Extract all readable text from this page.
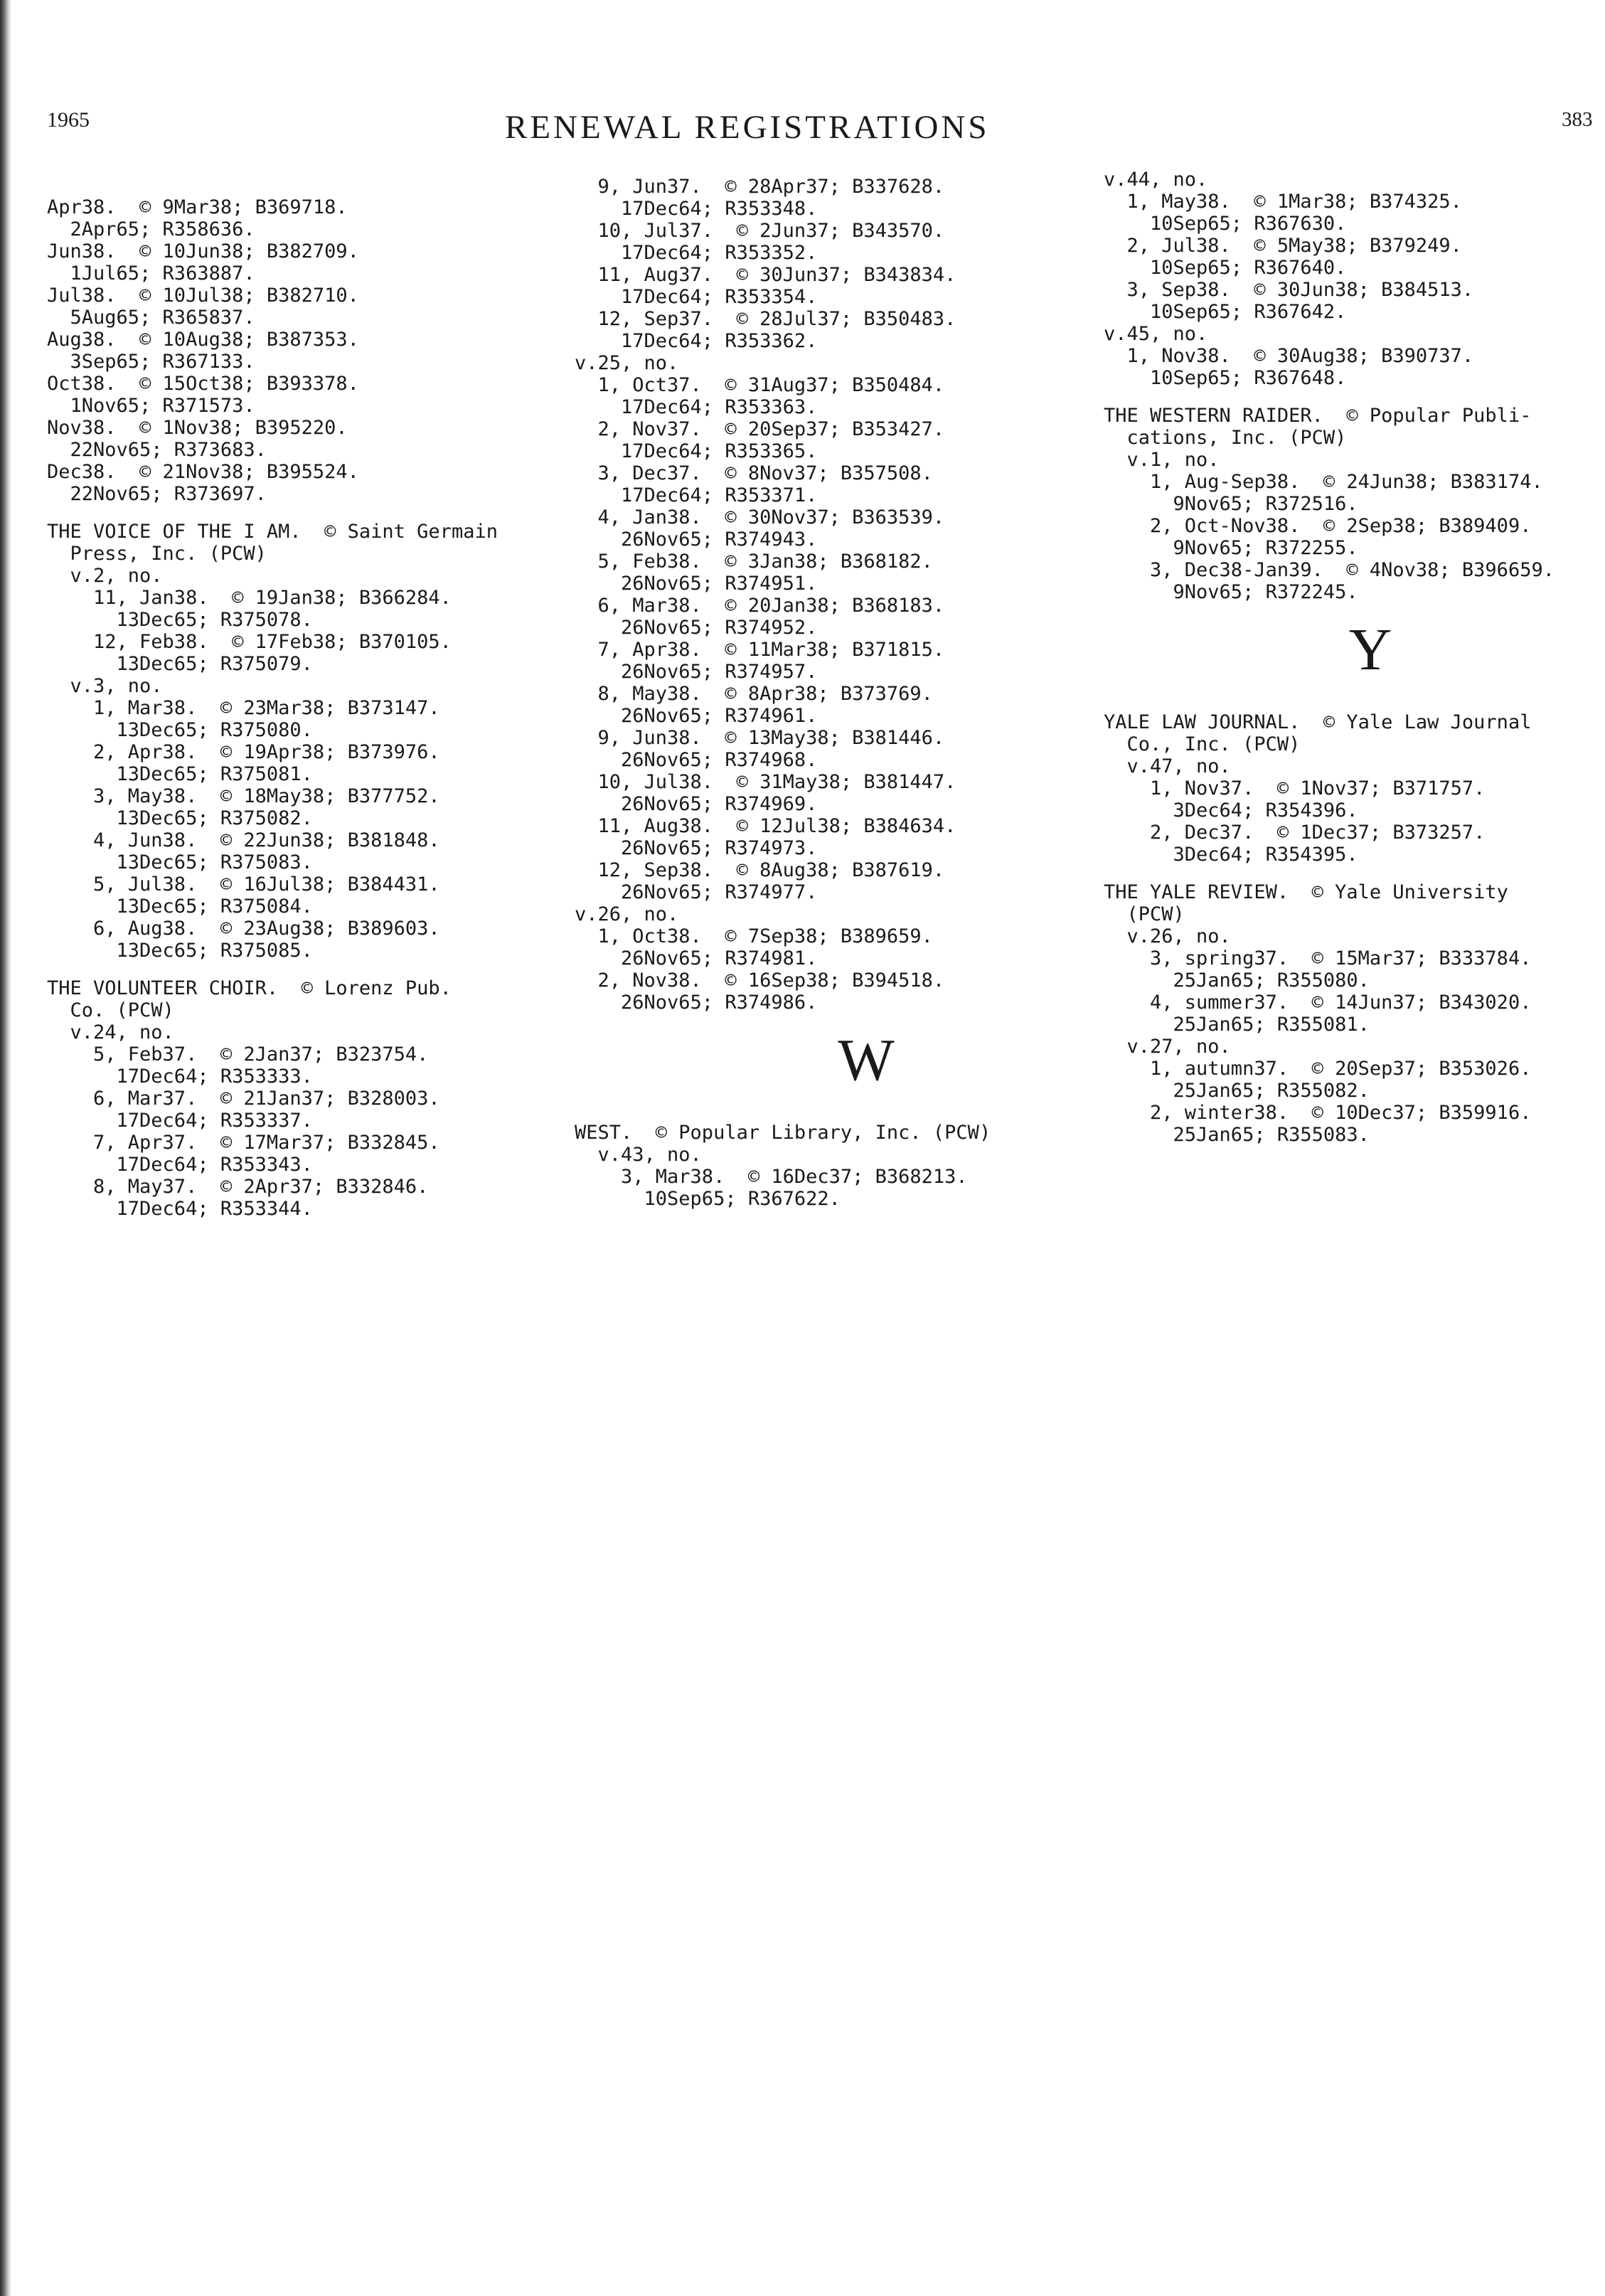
1965	RENEWAL REGISTRATIONS	383
Apr38.  © 9Mar38; B369718.
2Apr65; R358636.
Jun38.  © 10Jun38; B382709.
1Jul65; R363887.
Jul38.  © 10Jul38; B382710.
5Aug65; R365837.
Aug38.  © 10Aug38; B387353.
3Sep65; R367133.
Oct38.  © 15Oct38; B393378.
1Nov65; R371573.
Nov38.  © 1Nov38; B395220.
22Nov65; R373683.
Dec38.  © 21Nov38; B395524.
22Nov65; R373697.
THE VOICE OF THE I AM.  © Saint Germain
Press, Inc. (PCW)
v.2, no.
11, Jan38.  © 19Jan38; B366284.
13Dec65; R375078.
12, Feb38.  © 17Feb38; B370105.
13Dec65; R375079.
v.3, no.
1, Mar38.  © 23Mar38; B373147.
13Dec65; R375080.
2, Apr38.  © 19Apr38; B373976.
13Dec65; R375081.
3, May38.  © 18May38; B377752.
13Dec65; R375082.
4, Jun38.  © 22Jun38; B381848.
13Dec65; R375083.
5, Jul38.  © 16Jul38; B384431.
13Dec65; R375084.
6, Aug38.  © 23Aug38; B389603.
13Dec65; R375085.
THE VOLUNTEER CHOIR.  © Lorenz Pub.
Co. (PCW)
v.24, no.
5, Feb37.  © 2Jan37; B323754.
17Dec64; R353333.
6, Mar37.  © 21Jan37; B328003.
17Dec64; R353337.
7, Apr37.  © 17Mar37; B332845.
17Dec64; R353343.
8, May37.  © 2Apr37; B332846.
17Dec64; R353344.
9, Jun37.  © 28Apr37; B337628.
17Dec64; R353348.
10, Jul37.  © 2Jun37; B343570.
17Dec64; R353352.
11, Aug37.  © 30Jun37; B343834.
17Dec64; R353354.
12, Sep37.  © 28Jul37; B350483.
17Dec64; R353362.
v.25, no.
1, Oct37.  © 31Aug37; B350484.
17Dec64; R353363.
2, Nov37.  © 20Sep37; B353427.
17Dec64; R353365.
3, Dec37.  © 8Nov37; B357508.
17Dec64; R353371.
4, Jan38.  © 30Nov37; B363539.
26Nov65; R374943.
5, Feb38.  © 3Jan38; B368182.
26Nov65; R374951.
6, Mar38.  © 20Jan38; B368183.
26Nov65; R374952.
7, Apr38.  © 11Mar38; B371815.
26Nov65; R374957.
8, May38.  © 8Apr38; B373769.
26Nov65; R374961.
9, Jun38.  © 13May38; B381446.
26Nov65; R374968.
10, Jul38.  © 31May38; B381447.
26Nov65; R374969.
11, Aug38.  © 12Jul38; B384634.
26Nov65; R374973.
12, Sep38.  © 8Aug38; B387619.
26Nov65; R374977.
v.26, no.
1, Oct38.  © 7Sep38; B389659.
26Nov65; R374981.
2, Nov38.  © 16Sep38; B394518.
26Nov65; R374986.
W
WEST.  © Popular Library, Inc. (PCW)
v.43, no.
3, Mar38.  © 16Dec37; B368213.
10Sep65; R367622.
v.44, no.
1, May38.  © 1Mar38; B374325.
10Sep65; R367630.
2, Jul38.  © 5May38; B379249.
10Sep65; R367640.
3, Sep38.  © 30Jun38; B384513.
10Sep65; R367642.
v.45, no.
1, Nov38.  © 30Aug38; B390737.
10Sep65; R367648.
THE WESTERN RAIDER.  © Popular Publi-
cations, Inc. (PCW)
v.1, no.
1, Aug-Sep38.  © 24Jun38; B383174.
9Nov65; R372516.
2, Oct-Nov38.  © 2Sep38; B389409.
9Nov65; R372255.
3, Dec38-Jan39.  © 4Nov38; B396659.
9Nov65; R372245.
Y
YALE LAW JOURNAL.  © Yale Law Journal
Co., Inc. (PCW)
v.47, no.
1, Nov37.  © 1Nov37; B371757.
3Dec64; R354396.
2, Dec37.  © 1Dec37; B373257.
3Dec64; R354395.
THE YALE REVIEW.  © Yale University
(PCW)
v.26, no.
3, spring37.  © 15Mar37; B333784.
25Jan65; R355080.
4, summer37.  © 14Jun37; B343020.
25Jan65; R355081.
v.27, no.
1, autumn37.  © 20Sep37; B353026.
25Jan65; R355082.
2, winter38.  © 10Dec37; B359916.
25Jan65; R355083.
